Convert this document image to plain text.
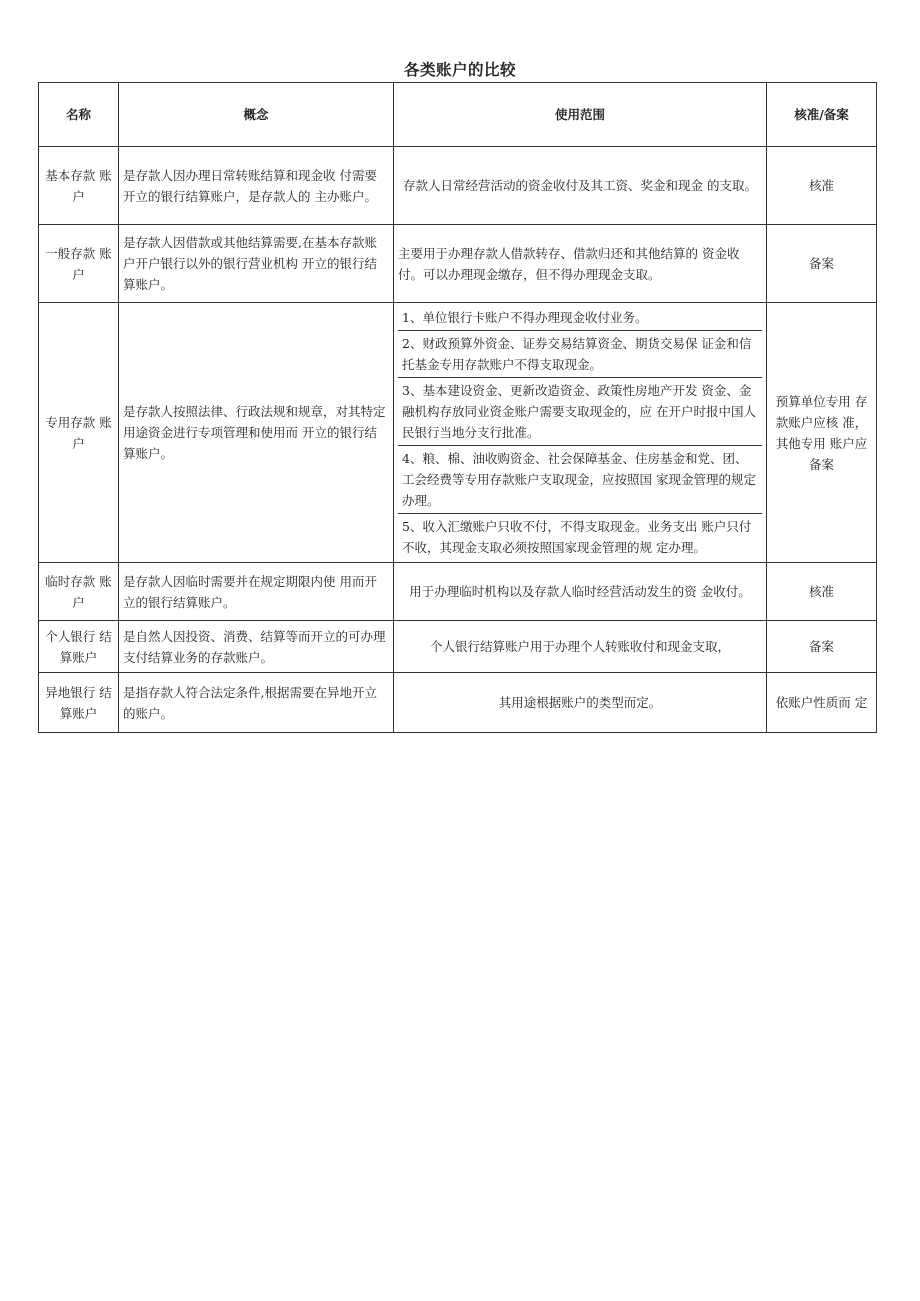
各类账户的比较
名称	概念	使用范围	核准/备案
基本存款 账户	是存款人因办理日常转账结算和现金收 付需要开立的银行结算账户，是存款人的 主办账户。	存款人日常经营活动的资金收付及其工资、奖金和现金 的支取。	核准
一般存款 账户	是存款人因借款或其他结算需要,在基本存款账户开户银行以外的银行营业机构 开立的银行结算账户。	主要用于办理存款人借款转存、借款归还和其他结算的 资金收付。可以办理现金缴存，但不得办理现金支取。	备案
专用存款 账户	是存款人按照法律、行政法规和规章，对其特定用途资金进行专项管理和使用而 开立的银行结算账户。	1、单位银行卡账户不得办理现金收付业务。
2、财政预算外资金、证券交易结算资金、期货交易保 证金和信托基金专用存款账户不得支取现金。
3、基本建设资金、更新改造资金、政策性房地产开发 资金、金融机构存放同业资金账户需要支取现金的，应 在开户时报中国人民银行当地分支行批准。
4、粮、棉、油收购资金、社会保障基金、住房基金和党、团、工会经费等专用存款账户支取现金，应按照国 家现金管理的规定办理。
5、收入汇缴账户只收不付，不得支取现金。业务支出 账户只付不收，其现金支取必须按照国家现金管理的规 定办理。	预算单位专用 存款账户应核 准，其他专用 账户应备案
临时存款 账户	是存款人因临时需要并在规定期限内使 用而开立的银行结算账户。	用于办理临时机构以及存款人临时经营活动发生的资 金收付。	核准
个人银行 结算账户	是自然人因投资、消费、结算等而开立的可办理支付结算业务的存款账户。	个人银行结算账户用于办理个人转账收付和现金支取，	备案
异地银行 结算账户	是指存款人符合法定条件,根据需要在异地开立的账户。	其用途根据账户的类型而定。	依账户性质而 定
